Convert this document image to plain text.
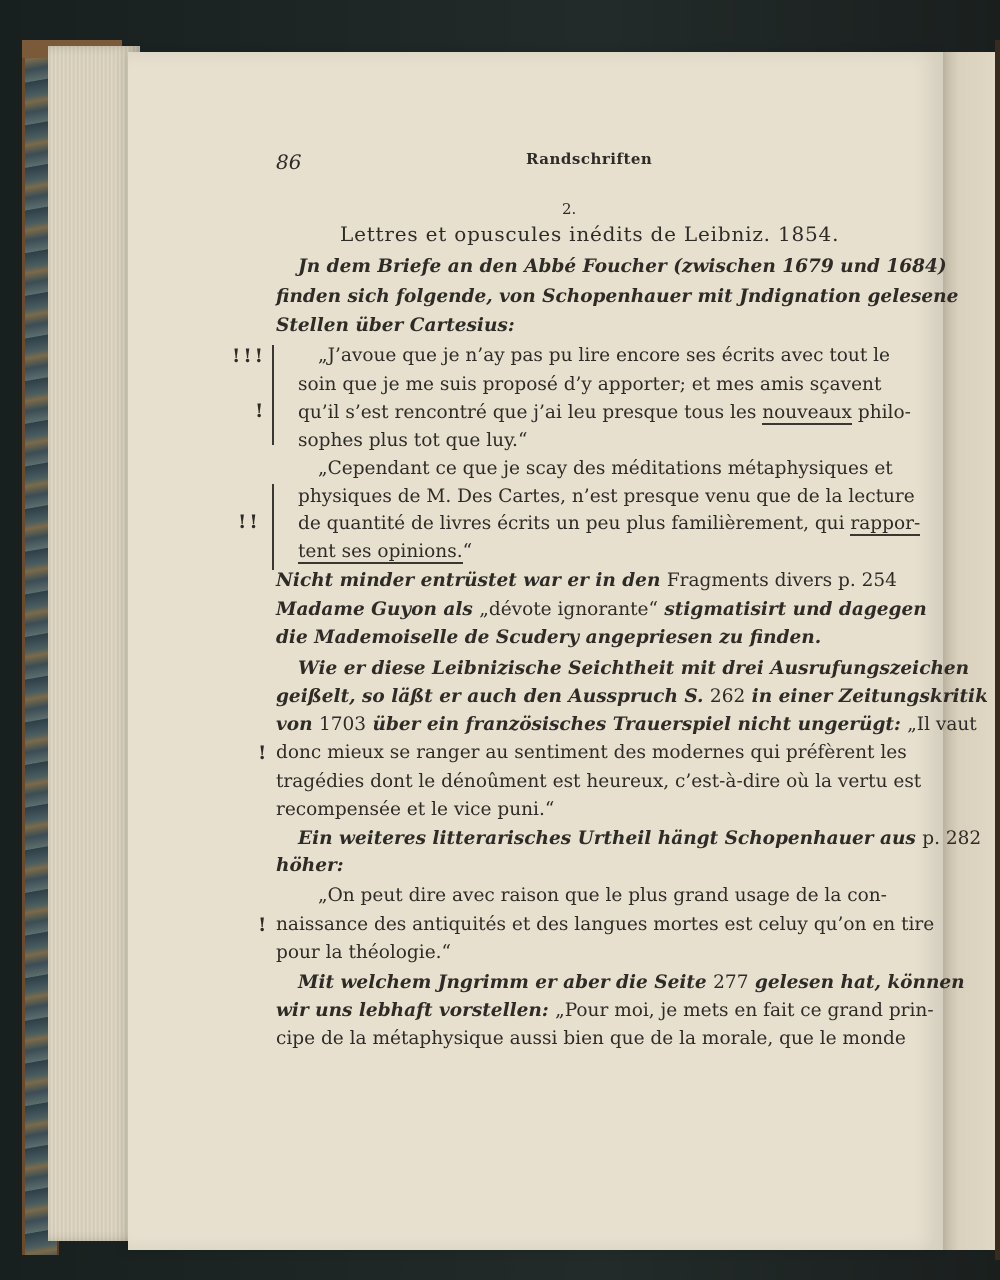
86	Randschriften
2.
Lettres et opuscules inédits de Leibniz. 1854.
Jn dem Briefe an den Abbé Foucher (zwischen 1679 und 1684)
finden sich folgende, von Schopenhauer mit Jndignation gelesene
Stellen über Cartesius:
!!!
!
„J’avoue que je n’ay pas pu lire encore ses écrits avec tout le
soin que je me suis proposé d’y apporter; et mes amis sçavent
qu’il s’est rencontré que j’ai leu presque tous les nouveaux philo-
sophes plus tot que luy.“
!!
„Cependant ce que je scay des méditations métaphysiques et
physiques de M. Des Cartes, n’est presque venu que de la lecture
de quantité de livres écrits un peu plus familièrement, qui rappor-
tent ses opinions.“
Nicht minder entrüstet war er in den Fragments divers p. 254
Madame Guyon als „dévote ignorante“ stigmatisirt und dagegen
die Mademoiselle de Scudery angepriesen zu finden.
Wie er diese Leibnizische Seichtheit mit drei Ausrufungszeichen
geißelt, so läßt er auch den Ausspruch S. 262 in einer Zeitungskritik
von 1703 über ein französisches Trauerspiel nicht ungerügt: „Il vaut
! donc mieux se ranger au sentiment des modernes qui préfèrent les
tragédies dont le dénoûment est heureux, c’est-à-dire où la vertu est
recompensée et le vice puni.“
Ein weiteres litterarisches Urtheil hängt Schopenhauer aus p. 282
höher:
„On peut dire avec raison que le plus grand usage de la con-
! naissance des antiquités et des langues mortes est celuy qu’on en tire
pour la théologie.“
Mit welchem Jngrimm er aber die Seite 277 gelesen hat, können
wir uns lebhaft vorstellen: „Pour moi, je mets en fait ce grand prin-
cipe de la métaphysique aussi bien que de la morale, que le monde
